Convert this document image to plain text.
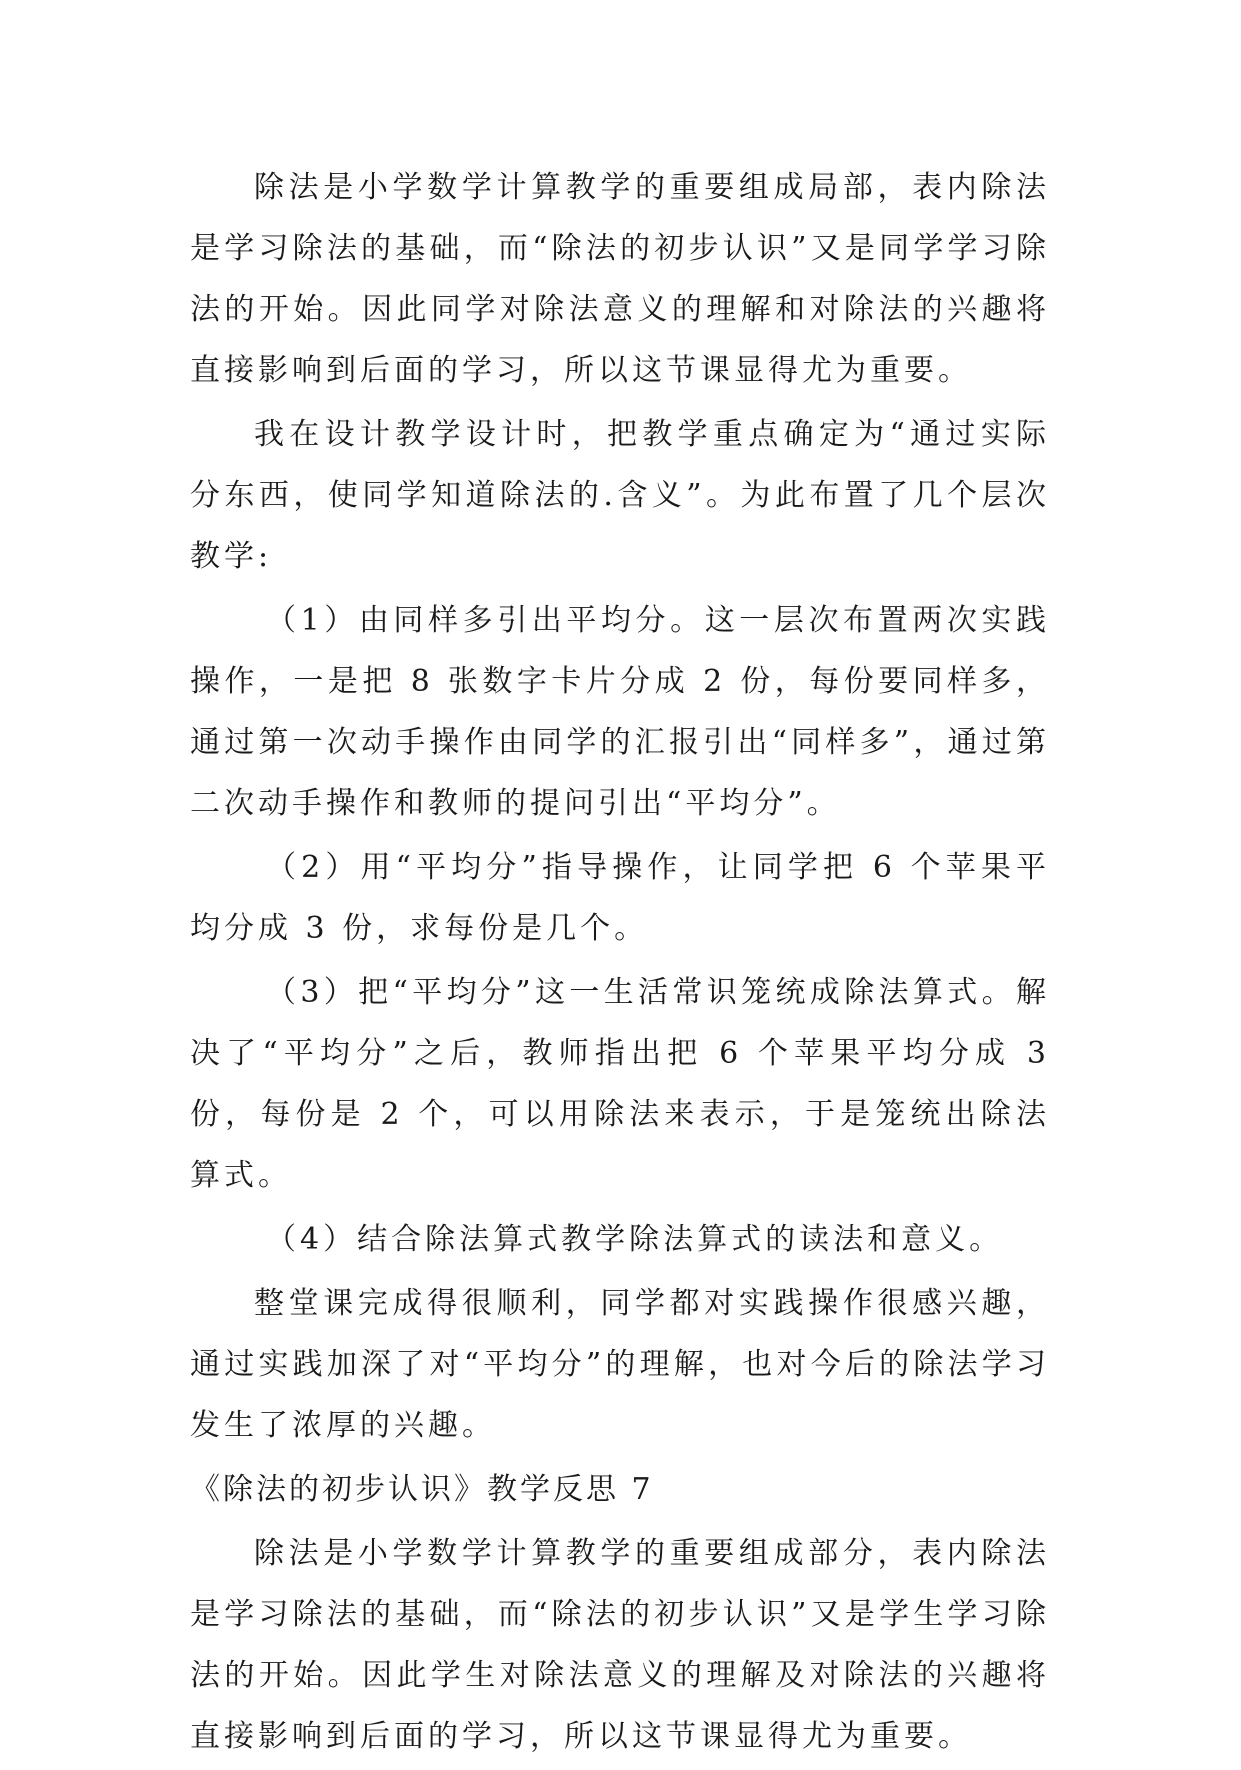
除法是小学数学计算教学的重要组成局部，表内除法是学习除法的基础，而“除法的初步认识”又是同学学习除法的开始。因此同学对除法意义的理解和对除法的兴趣将直接影响到后面的学习，所以这节课显得尤为重要。

我在设计教学设计时，把教学重点确定为“通过实际分东西，使同学知道除法的.含义”。为此布置了几个层次教学:

（1）由同样多引出平均分。这一层次布置两次实践操作，一是把 8 张数字卡片分成 2 份，每份要同样多，通过第一次动手操作由同学的汇报引出“同样多”，通过第二次动手操作和教师的提问引出“平均分”。

（2）用“平均分”指导操作，让同学把 6 个苹果平均分成 3 份，求每份是几个。

（3）把“平均分”这一生活常识笼统成除法算式。解决了“平均分”之后，教师指出把 6 个苹果平均分成 3 份，每份是 2 个，可以用除法来表示，于是笼统出除法算式。

（4）结合除法算式教学除法算式的读法和意义。

整堂课完成得很顺利，同学都对实践操作很感兴趣，通过实践加深了对“平均分”的理解，也对今后的除法学习发生了浓厚的兴趣。

《除法的初步认识》教学反思 7

除法是小学数学计算教学的重要组成部分，表内除法是学习除法的基础，而“除法的初步认识”又是学生学习除法的开始。因此学生对除法意义的理解及对除法的兴趣将直接影响到后面的学习，所以这节课显得尤为重要。
